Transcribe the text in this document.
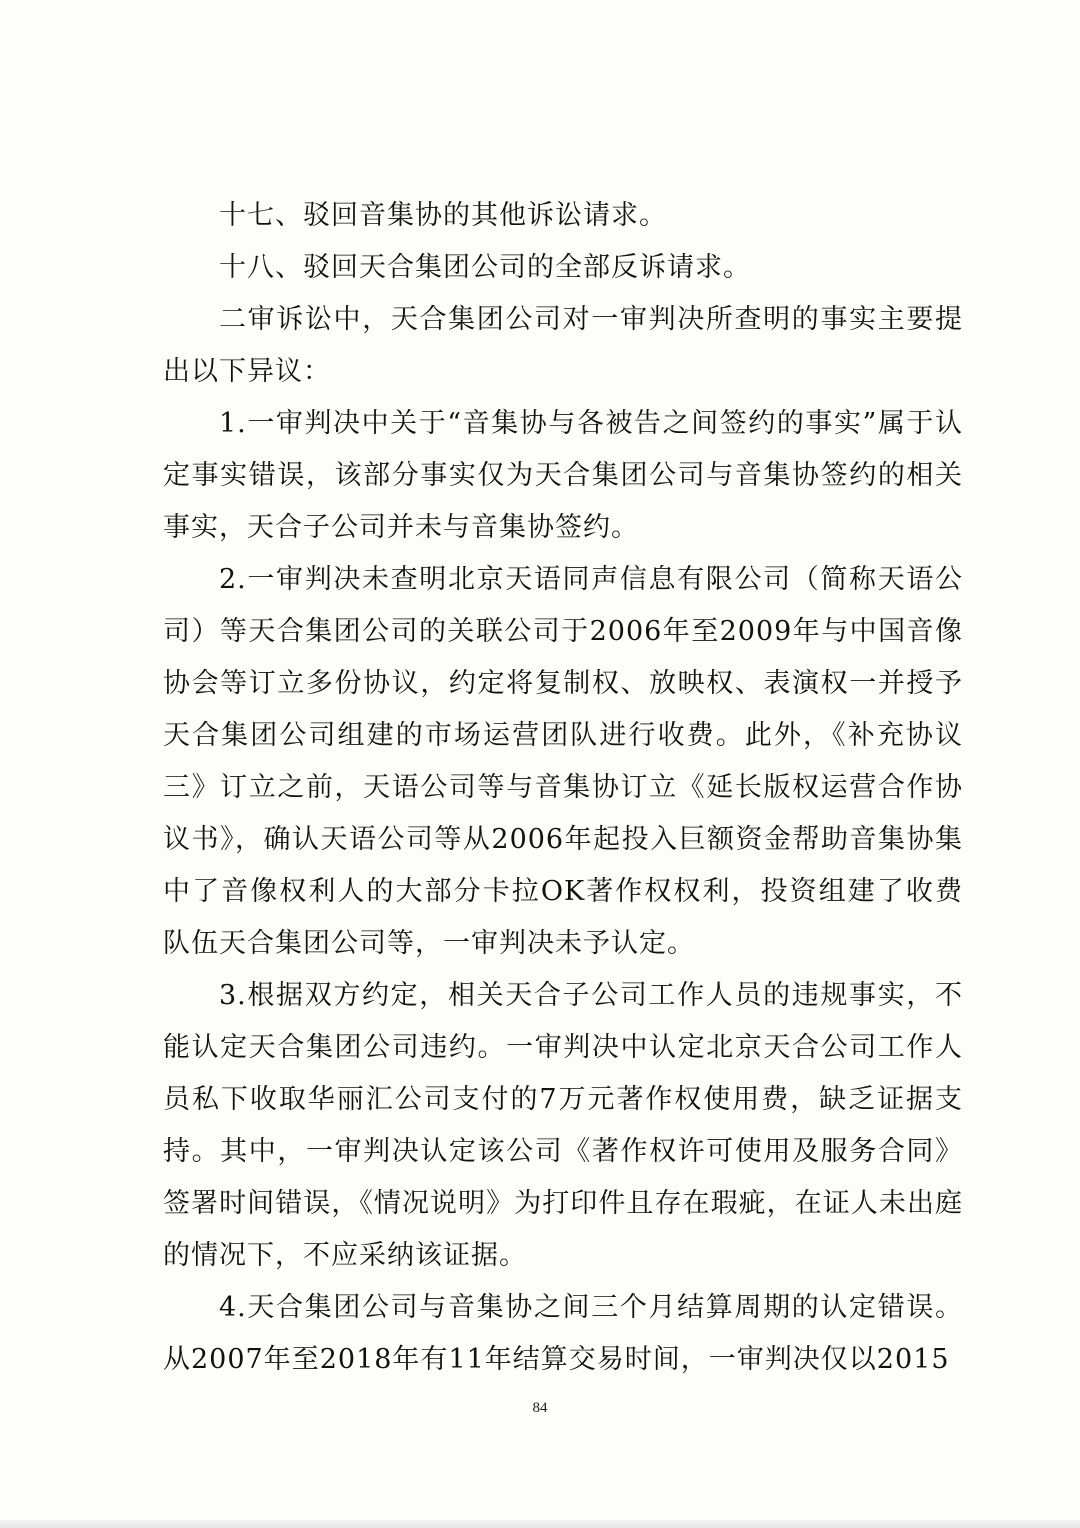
十七、驳回音集协的其他诉讼请求。

十八、驳回天合集团公司的全部反诉请求。

二审诉讼中，天合集团公司对一审判决所查明的事实主要提出以下异议：

1.一审判决中关于“音集协与各被告之间签约的事实”属于认定事实错误，该部分事实仅为天合集团公司与音集协签约的相关事实，天合子公司并未与音集协签约。

2.一审判决未查明北京天语同声信息有限公司（简称天语公司）等天合集团公司的关联公司于2006年至2009年与中国音像协会等订立多份协议，约定将复制权、放映权、表演权一并授予天合集团公司组建的市场运营团队进行收费。此外，《补充协议三》订立之前，天语公司等与音集协订立《延长版权运营合作协议书》，确认天语公司等从2006年起投入巨额资金帮助音集协集中了音像权利人的大部分卡拉OK著作权权利，投资组建了收费队伍天合集团公司等，一审判决未予认定。

3.根据双方约定，相关天合子公司工作人员的违规事实，不能认定天合集团公司违约。一审判决中认定北京天合公司工作人员私下收取华丽汇公司支付的7万元著作权使用费，缺乏证据支持。其中，一审判决认定该公司《著作权许可使用及服务合同》签署时间错误，《情况说明》为打印件且存在瑕疵，在证人未出庭的情况下，不应采纳该证据。

4.天合集团公司与音集协之间三个月结算周期的认定错误。从2007年至2018年有11年结算交易时间，一审判决仅以2015

84
